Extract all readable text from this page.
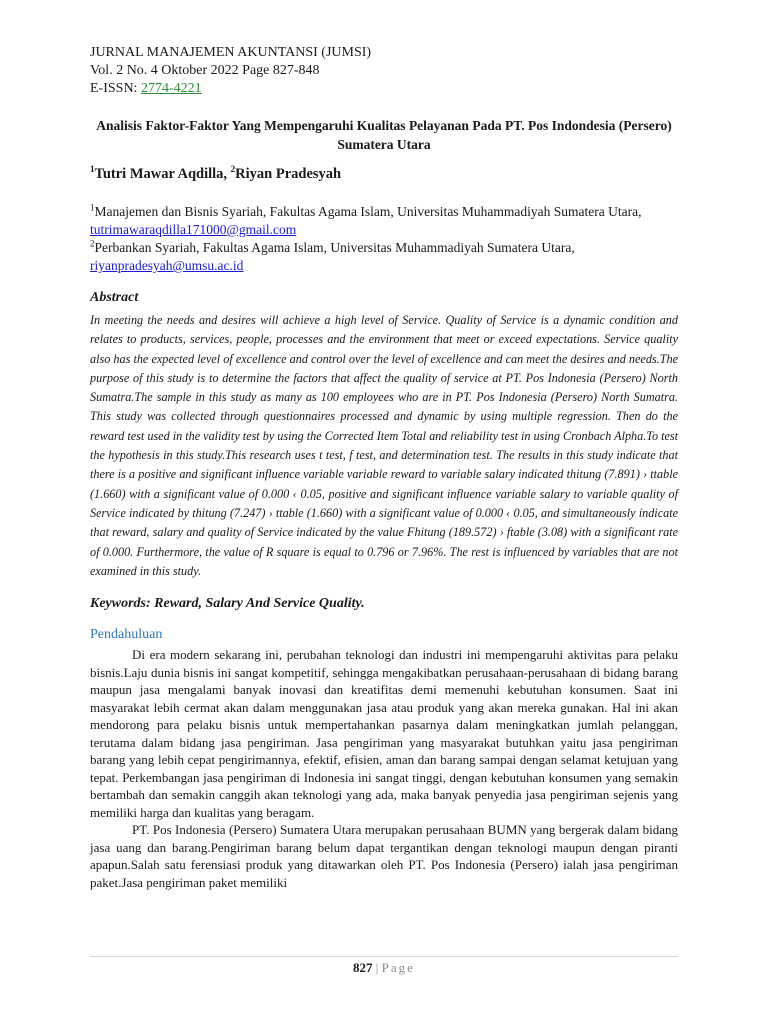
JURNAL MANAJEMEN AKUNTANSI (JUMSI)
Vol. 2 No. 4 Oktober 2022 Page 827-848
E-ISSN: 2774-4221
Analisis Faktor-Faktor Yang Mempengaruhi Kualitas Pelayanan Pada PT. Pos Indondesia (Persero) Sumatera Utara
$^1$Tutri Mawar Aqdilla, $^2$Riyan Pradesyah
$^1$Manajemen dan Bisnis Syariah, Fakultas Agama Islam, Universitas Muhammadiyah Sumatera Utara, tutrimawaraqdilla171000@gmail.com
$^2$Perbankan Syariah, Fakultas Agama Islam, Universitas Muhammadiyah Sumatera Utara, riyanpradesyah@umsu.ac.id
Abstract
In meeting the needs and desires will achieve a high level of Service. Quality of Service is a dynamic condition and relates to products, services, people, processes and the environment that meet or exceed expectations. Service quality also has the expected level of excellence and control over the level of excellence and can meet the desires and needs.The purpose of this study is to determine the factors that affect the quality of service at PT. Pos Indonesia (Persero) North Sumatra.The sample in this study as many as 100 employees who are in PT. Pos Indonesia (Persero) North Sumatra. This study was collected through questionnaires processed and dynamic by using multiple regression. Then do the reward test used in the validity test by using the Corrected Item Total and reliability test in using Cronbach Alpha.To test the hypothesis in this study.This research uses t test, f test, and determination test. The results in this study indicate that there is a positive and significant influence variable variable reward to variable salary indicated thitung (7.891) › ttable (1.660) with a significant value of 0.000 ‹ 0.05, positive and significant influence variable salary to variable quality of Service indicated by thitung (7.247) › ttable (1.660) with a significant value of 0.000 ‹ 0.05, and simultaneously indicate that reward, salary and quality of Service indicated by the value Fhitung (189.572) › ftable (3.08) with a significant rate of 0.000. Furthermore, the value of R square is equal to 0.796 or 7.96%. The rest is influenced by variables that are not examined in this study.
Keywords: Reward, Salary And Service Quality.
Pendahuluan

Di era modern sekarang ini, perubahan teknologi dan industri ini mempengaruhi aktivitas para pelaku bisnis.Laju dunia bisnis ini sangat kompetitif, sehingga mengakibatkan perusahaan-perusahaan di bidang barang maupun jasa mengalami banyak inovasi dan kreatifitas demi memenuhi kebutuhan konsumen. Saat ini masyarakat lebih cermat akan dalam menggunakan jasa atau produk yang akan mereka gunakan. Hal ini akan mendorong para pelaku bisnis untuk mempertahankan pasarnya dalam meningkatkan jumlah pelanggan, terutama dalam bidang jasa pengiriman. Jasa pengiriman yang masyarakat butuhkan yaitu jasa pengiriman barang yang lebih cepat pengirimannya, efektif, efisien, aman dan barang sampai dengan selamat ketujuan yang tepat. Perkembangan jasa pengiriman di Indonesia ini sangat tinggi, dengan kebutuhan konsumen yang semakin bertambah dan semakin canggih akan teknologi yang ada, maka banyak penyedia jasa pengiriman sejenis yang memiliki harga dan kualitas yang beragam.

PT. Pos Indonesia (Persero) Sumatera Utara merupakan perusahaan BUMN yang bergerak dalam bidang jasa uang dan barang.Pengiriman barang belum dapat tergantikan dengan teknologi maupun dengan piranti apapun.Salah satu ferensiasi produk yang ditawarkan oleh PT. Pos Indonesia (Persero) ialah jasa pengiriman paket.Jasa pengiriman paket memiliki

827 | Page
